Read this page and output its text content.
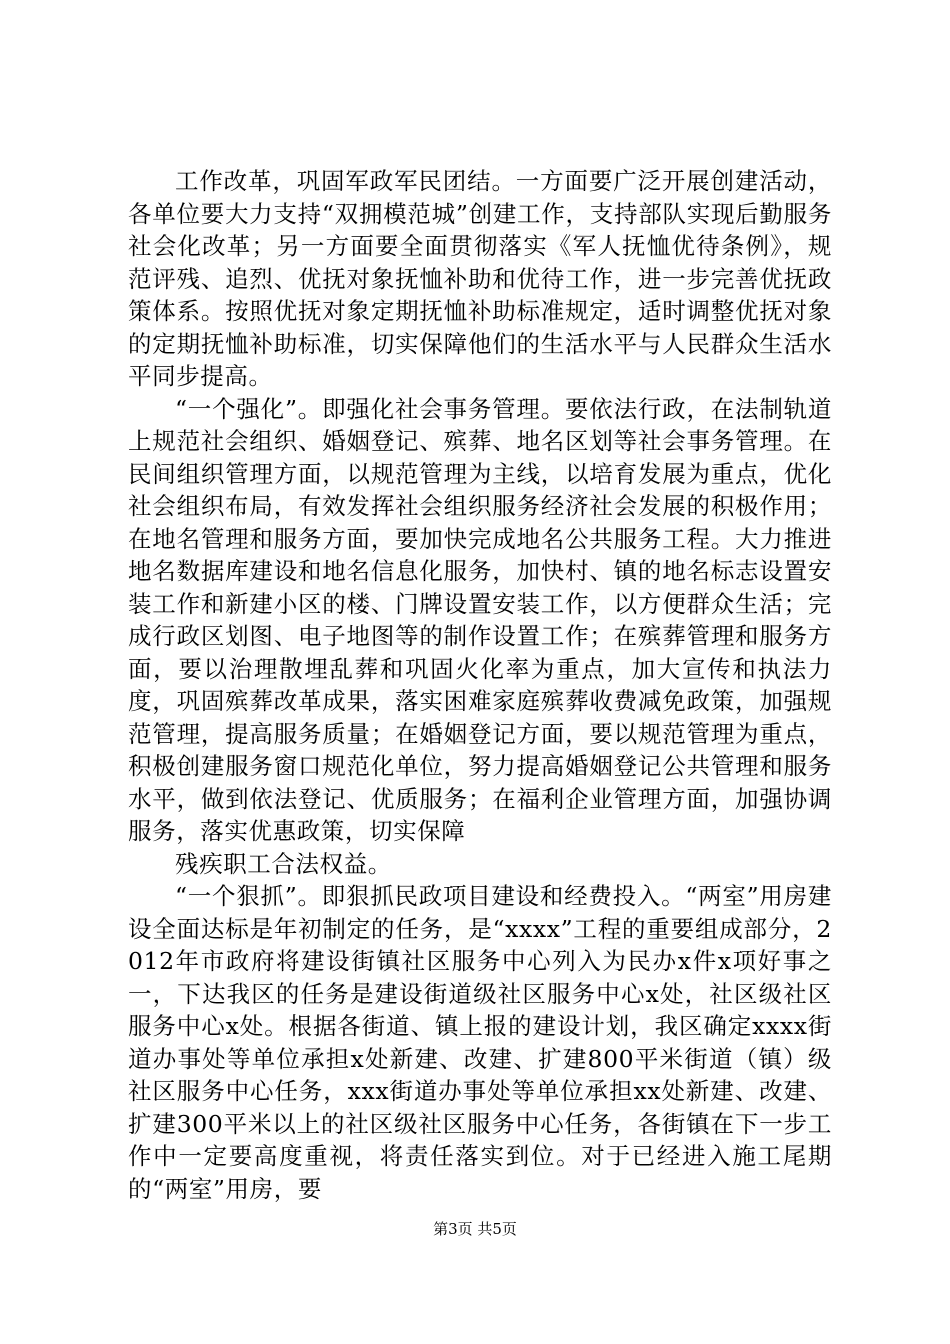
工作改革，巩固军政军民团结。一方面要广泛开展创建活动，各单位要大力支持“双拥模范城”创建工作，支持部队实现后勤服务社会化改革；另一方面要全面贯彻落实《军人抚恤优待条例》，规范评残、追烈、优抚对象抚恤补助和优待工作，进一步完善优抚政策体系。按照优抚对象定期抚恤补助标准规定，适时调整优抚对象的定期抚恤补助标准，切实保障他们的生活水平与人民群众生活水平同步提高。

“一个强化”。即强化社会事务管理。要依法行政，在法制轨道上规范社会组织、婚姻登记、殡葬、地名区划等社会事务管理。在民间组织管理方面，以规范管理为主线，以培育发展为重点，优化社会组织布局，有效发挥社会组织服务经济社会发展的积极作用；在地名管理和服务方面，要加快完成地名公共服务工程。大力推进地名数据库建设和地名信息化服务，加快村、镇的地名标志设置安装工作和新建小区的楼、门牌设置安装工作，以方便群众生活；完成行政区划图、电子地图等的制作设置工作；在殡葬管理和服务方面，要以治理散埋乱葬和巩固火化率为重点，加大宣传和执法力度，巩固殡葬改革成果，落实困难家庭殡葬收费减免政策，加强规范管理，提高服务质量；在婚姻登记方面，要以规范管理为重点，积极创建服务窗口规范化单位，努力提高婚姻登记公共管理和服务水平，做到依法登记、优质服务；在福利企业管理方面，加强协调服务，落实优惠政策，切实保障

残疾职工合法权益。

“一个狠抓”。即狠抓民政项目建设和经费投入。“两室”用房建设全面达标是年初制定的任务，是“xxxx”工程的重要组成部分，2012年市政府将建设街镇社区服务中心列入为民办x件x项好事之一，下达我区的任务是建设街道级社区服务中心x处，社区级社区服务中心x处。根据各街道、镇上报的建设计划，我区确定xxxx街道办事处等单位承担x处新建、改建、扩建800平米街道（镇）级社区服务中心任务，xxx街道办事处等单位承担xx处新建、改建、扩建300平米以上的社区级社区服务中心任务，各街镇在下一步工作中一定要高度重视，将责任落实到位。对于已经进入施工尾期的“两室”用房，要

第3页 共5页
